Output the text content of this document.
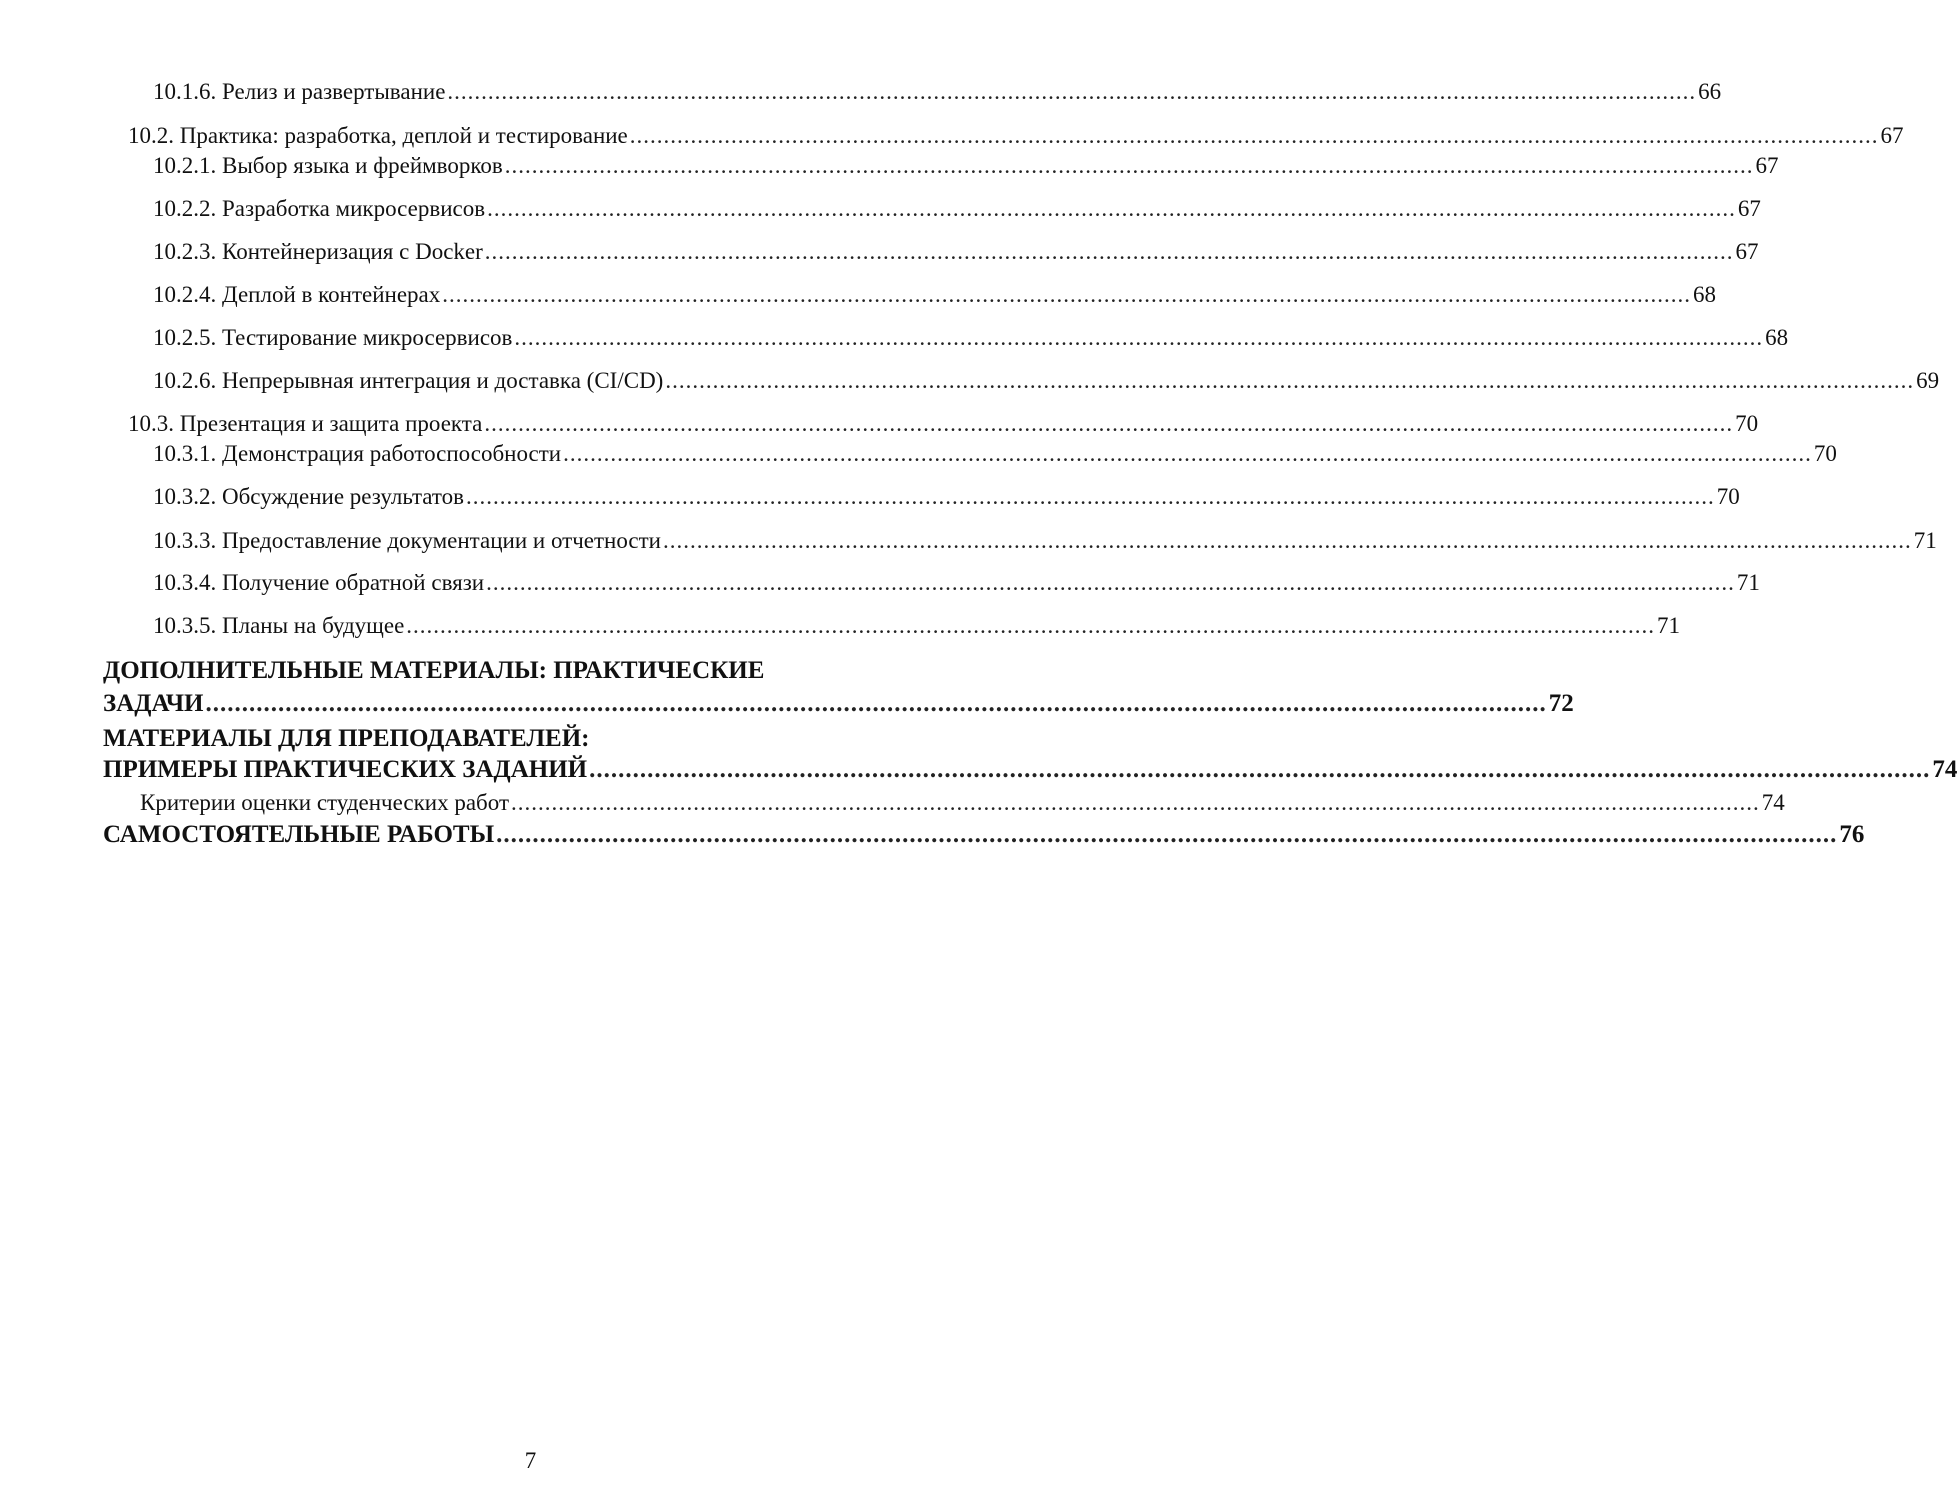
10.1.6. Релиз и развертывание ......................................................................................................................................................................................... 66
10.2. Практика: разработка, деплой и тестирование ......................................................................................................................................................................................... 67
10.2.1. Выбор языка и фреймворков ......................................................................................................................................................................................... 67
10.2.2. Разработка микросервисов ......................................................................................................................................................................................... 67
10.2.3. Контейнеризация с Docker ......................................................................................................................................................................................... 67
10.2.4. Деплой в контейнерах ......................................................................................................................................................................................... 68
10.2.5. Тестирование микросервисов ......................................................................................................................................................................................... 68
10.2.6. Непрерывная интеграция и доставка (CI/CD) ......................................................................................................................................................................................... 69
10.3. Презентация и защита проекта ......................................................................................................................................................................................... 70
10.3.1. Демонстрация работоспособности ......................................................................................................................................................................................... 70
10.3.2. Обсуждение результатов ......................................................................................................................................................................................... 70
10.3.3. Предоставление документации и отчетности ......................................................................................................................................................................................... 71
10.3.4. Получение обратной связи ......................................................................................................................................................................................... 71
10.3.5. Планы на будущее ......................................................................................................................................................................................... 71
ДОПОЛНИТЕЛЬНЫЕ МАТЕРИАЛЫ: ПРАКТИЧЕСКИЕ
ЗАДАЧИ ......................................................................................................................................................................................... 72
МАТЕРИАЛЫ ДЛЯ ПРЕПОДАВАТЕЛЕЙ:
ПРИМЕРЫ ПРАКТИЧЕСКИХ ЗАДАНИЙ ......................................................................................................................................................................................... 74
Критерии оценки студенческих работ ......................................................................................................................................................................................... 74
САМОСТОЯТЕЛЬНЫЕ РАБОТЫ ......................................................................................................................................................................................... 76
7
